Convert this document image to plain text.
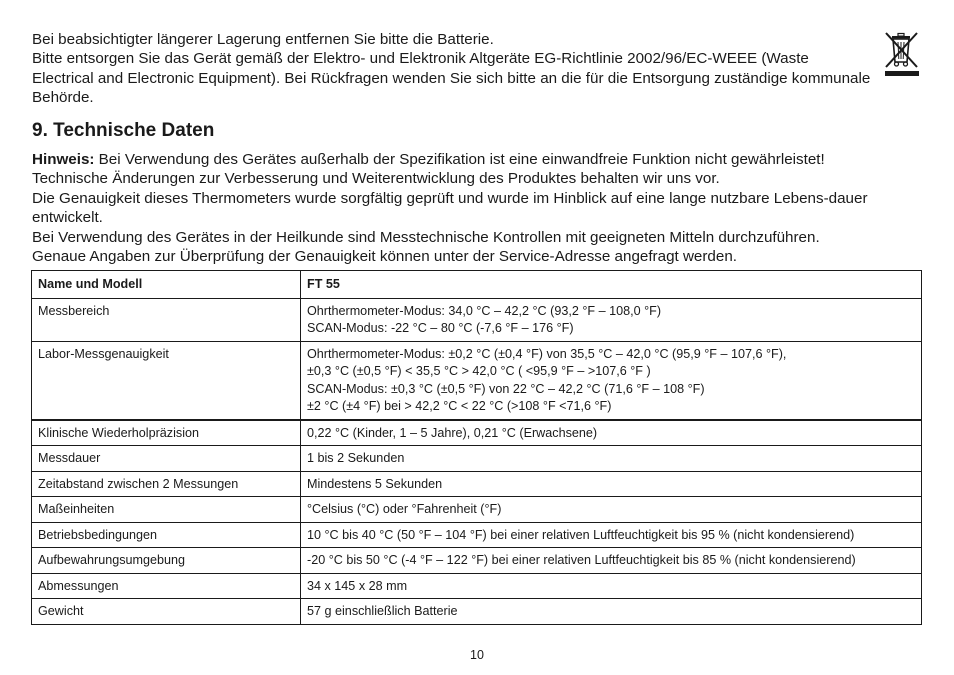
Bei beabsichtigter längerer Lagerung entfernen Sie bitte die Batterie.

Bitte entsorgen Sie das Gerät gemäß der Elektro- und Elektronik Altgeräte EG-Richtlinie 2002/96/EC-WEEE (Waste Electrical and Electronic Equipment). Bei Rückfragen wenden Sie sich bitte an die für die Entsorgung zuständige kommunale Behörde.

9. Technische Daten

Hinweis: Bei Verwendung des Gerätes außerhalb der Spezifikation ist eine einwandfreie Funktion nicht gewährleistet!

Technische Änderungen zur Verbesserung und Weiterentwicklung des Produktes behalten wir uns vor.

Die Genauigkeit dieses Thermometers wurde sorgfältig geprüft und wurde im Hinblick auf eine lange nutzbare Lebens-dauer entwickelt.

Bei Verwendung des Gerätes in der Heilkunde sind Messtechnische Kontrollen mit geeigneten Mitteln durchzuführen.

Genaue Angaben zur Überprüfung der Genauigkeit können unter der Service-Adresse angefragt werden.

Name und Modell	FT 55
Messbereich	Ohrthermometer-Modus: 34,0 °C – 42,2 °C (93,2 °F – 108,0 °F)
SCAN-Modus: -22 °C – 80 °C (-7,6 °F – 176 °F)

Labor-Messgenauigkeit	Ohrthermometer-Modus: ±0,2 °C (±0,4 °F) von 35,5 °C – 42,0 °C (95,9 °F – 107,6 °F),
±0,3 °C (±0,5 °F) < 35,5 °C > 42,0 °C ( <95,9 °F – >107,6 °F )
SCAN-Modus: ±0,3 °C (±0,5 °F) von 22 °C – 42,2 °C (71,6 °F – 108 °F)
±2 °C (±4 °F) bei > 42,2 °C < 22 °C (>108 °F <71,6 °F)

Klinische Wiederholpräzision	0,22 °C (Kinder, 1 – 5 Jahre), 0,21 °C (Erwachsene)
Messdauer	1 bis 2 Sekunden
Zeitabstand zwischen 2 Messungen	Mindestens 5 Sekunden
Maßeinheiten	°Celsius (°C) oder °Fahrenheit (°F)
Betriebsbedingungen	10 °C bis 40 °C (50 °F – 104 °F) bei einer relativen Luftfeuchtigkeit bis 95 % (nicht kondensierend)
Aufbewahrungsumgebung	-20 °C bis 50 °C (-4 °F – 122 °F) bei einer relativen Luftfeuchtigkeit bis 85 % (nicht kondensierend)
Abmessungen	34 x 145 x 28 mm
Gewicht	57 g einschließlich Batterie
10
